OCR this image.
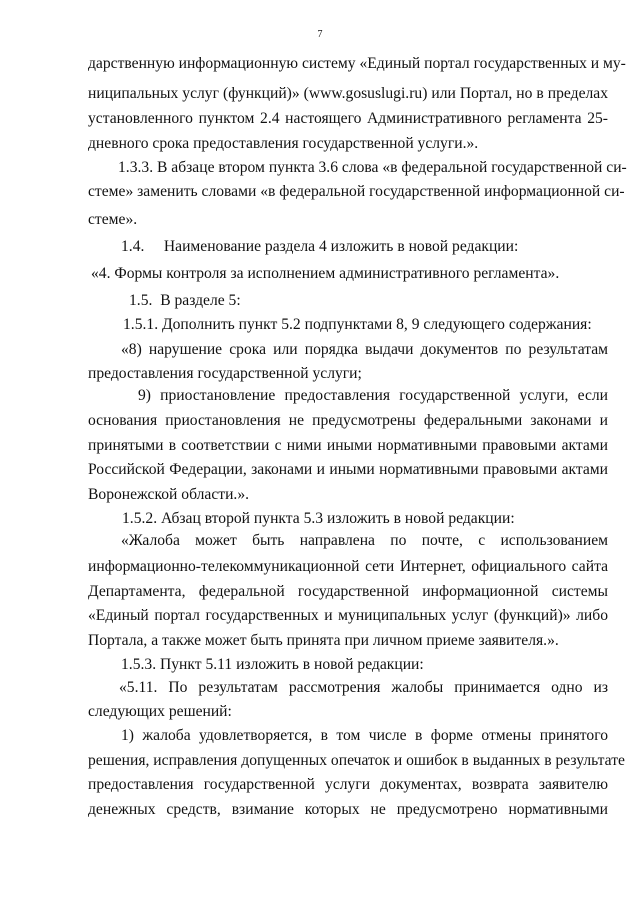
7
дарственную информационную систему «Единый портал государственных и му-
ниципальных услуг (функций)» (www.gosuslugi.ru) или Портал, но в пределах
установленного пунктом 2.4 настоящего Административного регламента 25-
дневного срока предоставления государственной услуги.».
1.3.3. В абзаце втором пункта 3.6 слова «в федеральной государственной си-
стеме» заменить словами «в федеральной государственной информационной си-
стеме».
1.4.     Наименование раздела 4 изложить в новой редакции:
«4. Формы контроля за исполнением административного регламента».
1.5.  В разделе 5:
1.5.1. Дополнить пункт 5.2 подпунктами 8, 9 следующего содержания:
«8) нарушение срока или порядка выдачи документов по результатам
предоставления государственной услуги;
9) приостановление предоставления государственной услуги, если
основания приостановления не предусмотрены федеральными законами и
принятыми в соответствии с ними иными нормативными правовыми актами
Российской Федерации, законами и иными нормативными правовыми актами
Воронежской области.».
1.5.2. Абзац второй пункта 5.3 изложить в новой редакции:
«Жалоба может быть направлена по почте, с использованием
информационно-телекоммуникационной сети Интернет, официального сайта
Департамента, федеральной государственной информационной системы
«Единый портал государственных и муниципальных услуг (функций)» либо
Портала, а также может быть принята при личном приеме заявителя.».
1.5.3. Пункт 5.11 изложить в новой редакции:
«5.11. По результатам рассмотрения жалобы принимается одно из
следующих решений:
1) жалоба удовлетворяется, в том числе в форме отмены принятого
решения, исправления допущенных опечаток и ошибок в выданных в результате
предоставления государственной услуги документах, возврата заявителю
денежных средств, взимание которых не предусмотрено нормативными
